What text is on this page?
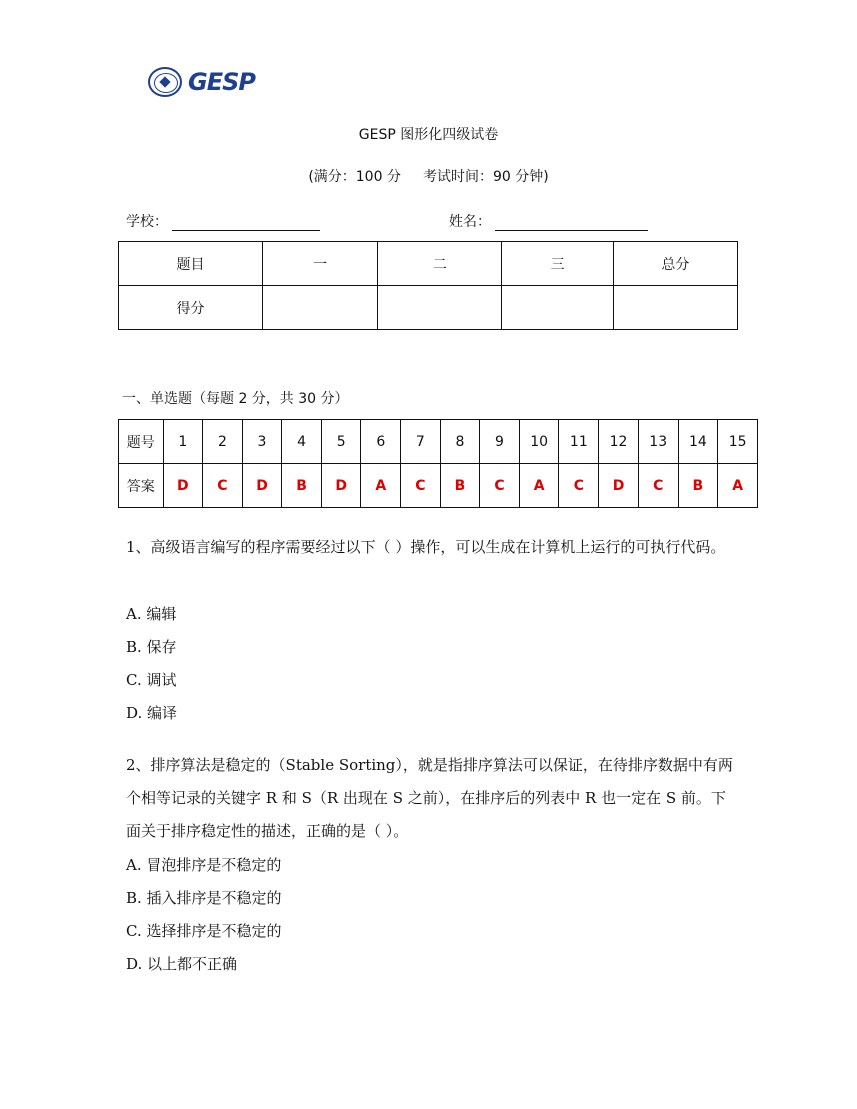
GESP
GESP 图形化四级试卷
(满分：100 分 考试时间：90 分钟)
学校：	姓名：
题目	一	二	三	总分
得分				
一、单选题（每题 2 分，共 30 分）
题号	1	2	3	4	5	6	7	8	9	10	11	12	13	14	15
答案	D	C	D	B	D	A	C	B	C	A	C	D	C	B	A
1、高级语言编写的程序需要经过以下（ ）操作，可以生成在计算机上运行的可执行代码。
A. 编辑
B. 保存
C. 调试
D. 编译
2、排序算法是稳定的（Stable Sorting），就是指排序算法可以保证，在待排序数据中有两个相等记录的关键字 R 和 S（R 出现在 S 之前），在排序后的列表中 R 也一定在 S 前。下面关于排序稳定性的描述，正确的是（ ）。
A. 冒泡排序是不稳定的
B. 插入排序是不稳定的
C. 选择排序是不稳定的
D. 以上都不正确
